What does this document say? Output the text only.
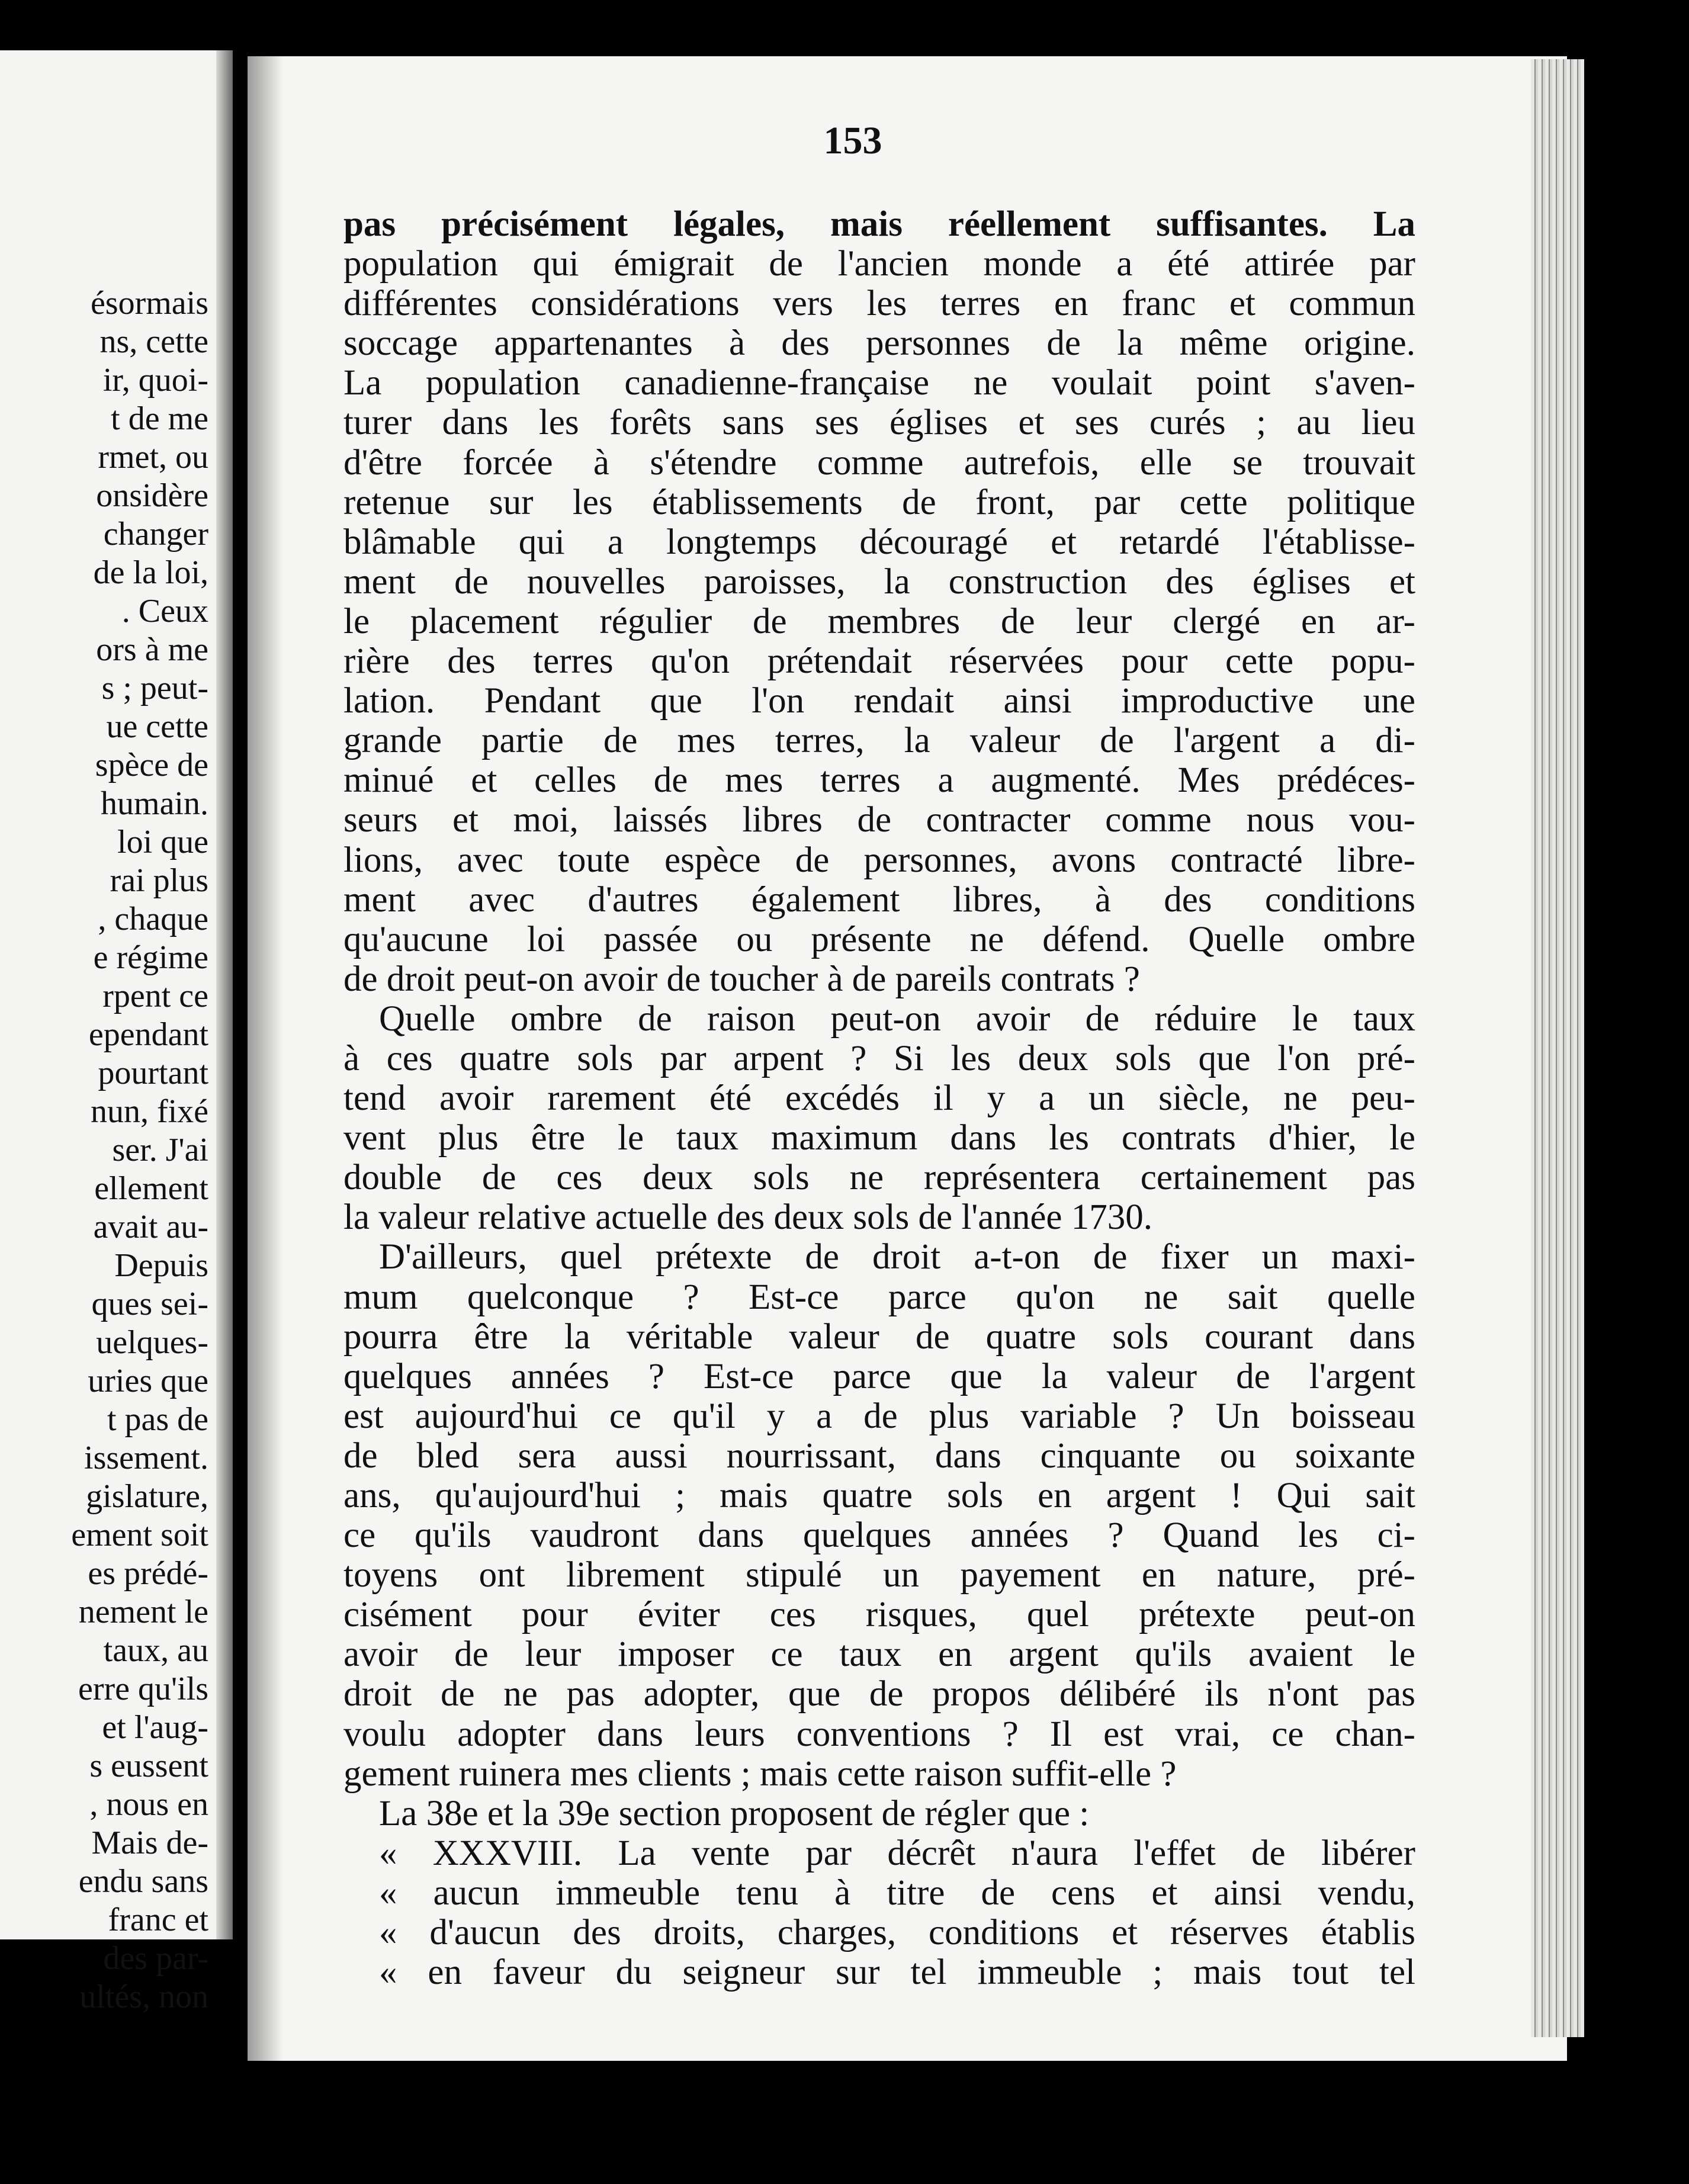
ésormais
ns, cette
ir, quoi-
t de me
rmet, ou
onsidère
changer
de la loi,
. Ceux
ors à me
s ; peut-
ue cette
spèce de
humain.
loi que
rai plus
, chaque
e régime
rpent ce
ependant
pourtant
nun, fixé
ser. J'ai
ellement
avait au-
Depuis
ques sei-
uelques-
uries que
t pas de
issement.
gislature,
ement soit
es prédé-
nement le
taux, au
erre qu'ils
et l'aug-
s eussent
, nous en
Mais de-
endu sans
franc et
des par-
ultés, non
153
pas précisément légales, mais réellement suffisantes. La
population qui émigrait de l'ancien monde a été attirée par
différentes considérations vers les terres en franc et commun
soccage appartenantes à des personnes de la même origine.
La population canadienne-française ne voulait point s'aven-
turer dans les forêts sans ses églises et ses curés ; au lieu
d'être forcée à s'étendre comme autrefois, elle se trouvait
retenue sur les établissements de front, par cette politique
blâmable qui a longtemps découragé et retardé l'établisse-
ment de nouvelles paroisses, la construction des églises et
le placement régulier de membres de leur clergé en ar-
rière des terres qu'on prétendait réservées pour cette popu-
lation. Pendant que l'on rendait ainsi improductive une
grande partie de mes terres, la valeur de l'argent a di-
minué et celles de mes terres a augmenté. Mes prédéces-
seurs et moi, laissés libres de contracter comme nous vou-
lions, avec toute espèce de personnes, avons contracté libre-
ment avec d'autres également libres, à des conditions
qu'aucune loi passée ou présente ne défend. Quelle ombre
de droit peut-on avoir de toucher à de pareils contrats ?
Quelle ombre de raison peut-on avoir de réduire le taux
à ces quatre sols par arpent ? Si les deux sols que l'on pré-
tend avoir rarement été excédés il y a un siècle, ne peu-
vent plus être le taux maximum dans les contrats d'hier, le
double de ces deux sols ne représentera certainement pas
la valeur relative actuelle des deux sols de l'année 1730.
D'ailleurs, quel prétexte de droit a-t-on de fixer un maxi-
mum quelconque ? Est-ce parce qu'on ne sait quelle
pourra être la véritable valeur de quatre sols courant dans
quelques années ? Est-ce parce que la valeur de l'argent
est aujourd'hui ce qu'il y a de plus variable ? Un boisseau
de bled sera aussi nourrissant, dans cinquante ou soixante
ans, qu'aujourd'hui ; mais quatre sols en argent ! Qui sait
ce qu'ils vaudront dans quelques années ? Quand les ci-
toyens ont librement stipulé un payement en nature, pré-
cisément pour éviter ces risques, quel prétexte peut-on
avoir de leur imposer ce taux en argent qu'ils avaient le
droit de ne pas adopter, que de propos délibéré ils n'ont pas
voulu adopter dans leurs conventions ? Il est vrai, ce chan-
gement ruinera mes clients ; mais cette raison suffit-elle ?
La 38e et la 39e section proposent de régler que :
« XXXVIII. La vente par décrêt n'aura l'effet de libérer
« aucun immeuble tenu à titre de cens et ainsi vendu,
« d'aucun des droits, charges, conditions et réserves établis
« en faveur du seigneur sur tel immeuble ; mais tout tel
